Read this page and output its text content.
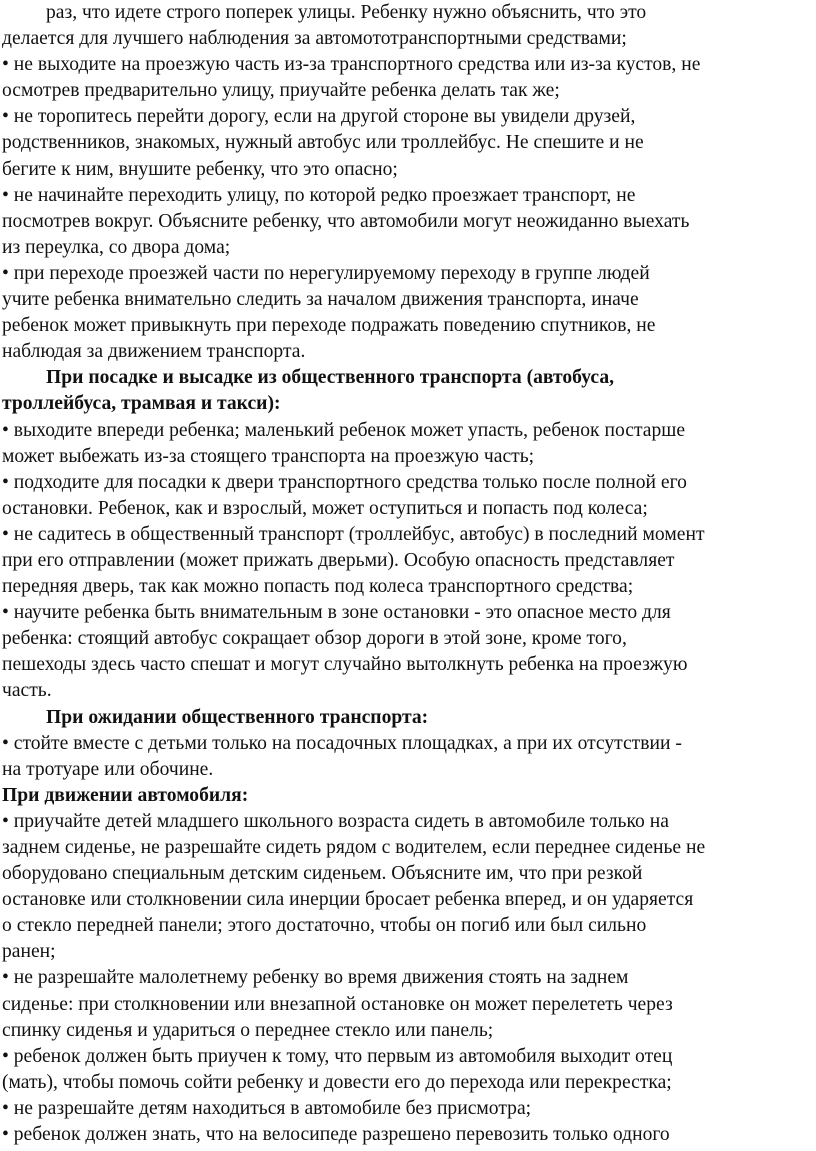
раз, что идете строго поперек улицы. Ребенку нужно объяснить, что это
делается для лучшего наблюдения за автомототранспортными средствами;
• не выходите на проезжую часть из-за транспортного средства или из-за кустов, не
осмотрев предварительно улицу, приучайте ребенка делать так же;
• не торопитесь перейти дорогу, если на другой стороне вы увидели друзей,
родственников, знакомых, нужный автобус или троллейбус. Не спешите и не
бегите к ним, внушите ребенку, что это опасно;
• не начинайте переходить улицу, по которой редко проезжает транспорт, не
посмотрев вокруг. Объясните ребенку, что автомобили могут неожиданно выехать
из переулка, со двора дома;
• при переходе проезжей части по нерегулируемому переходу в группе людей
учите ребенка внимательно следить за началом движения транспорта, иначе
ребенок может привыкнуть при переходе подражать поведению спутников, не
наблюдая за движением транспорта.
При посадке и высадке из общественного транспорта (автобуса,
троллейбуса, трамвая и такси):
• выходите впереди ребенка; маленький ребенок может упасть, ребенок постарше
может выбежать из-за стоящего транспорта на проезжую часть;
• подходите для посадки к двери транспортного средства только после полной его
остановки. Ребенок, как и взрослый, может оступиться и попасть под колеса;
• не садитесь в общественный транспорт (троллейбус, автобус) в последний момент
при его отправлении (может прижать дверьми). Особую опасность представляет
передняя дверь, так как можно попасть под колеса транспортного средства;
• научите ребенка быть внимательным в зоне остановки - это опасное место для
ребенка: стоящий автобус сокращает обзор дороги в этой зоне, кроме того,
пешеходы здесь часто спешат и могут случайно вытолкнуть ребенка на проезжую
часть.
При ожидании общественного транспорта:
• стойте вместе с детьми только на посадочных площадках, а при их отсутствии -
на тротуаре или обочине.
При движении автомобиля:
• приучайте детей младшего школьного возраста сидеть в автомобиле только на
заднем сиденье, не разрешайте сидеть рядом с водителем, если переднее сиденье не
оборудовано специальным детским сиденьем. Объясните им, что при резкой
остановке или столкновении сила инерции бросает ребенка вперед, и он ударяется
о стекло передней панели; этого достаточно, чтобы он погиб или был сильно
ранен;
• не разрешайте малолетнему ребенку во время движения стоять на заднем
сиденье: при столкновении или внезапной остановке он может перелететь через
спинку сиденья и удариться о переднее стекло или панель;
• ребенок должен быть приучен к тому, что первым из автомобиля выходит отец
(мать), чтобы помочь сойти ребенку и довести его до перехода или перекрестка;
• не разрешайте детям находиться в автомобиле без присмотра;
• ребенок должен знать, что на велосипеде разрешено перевозить только одного
